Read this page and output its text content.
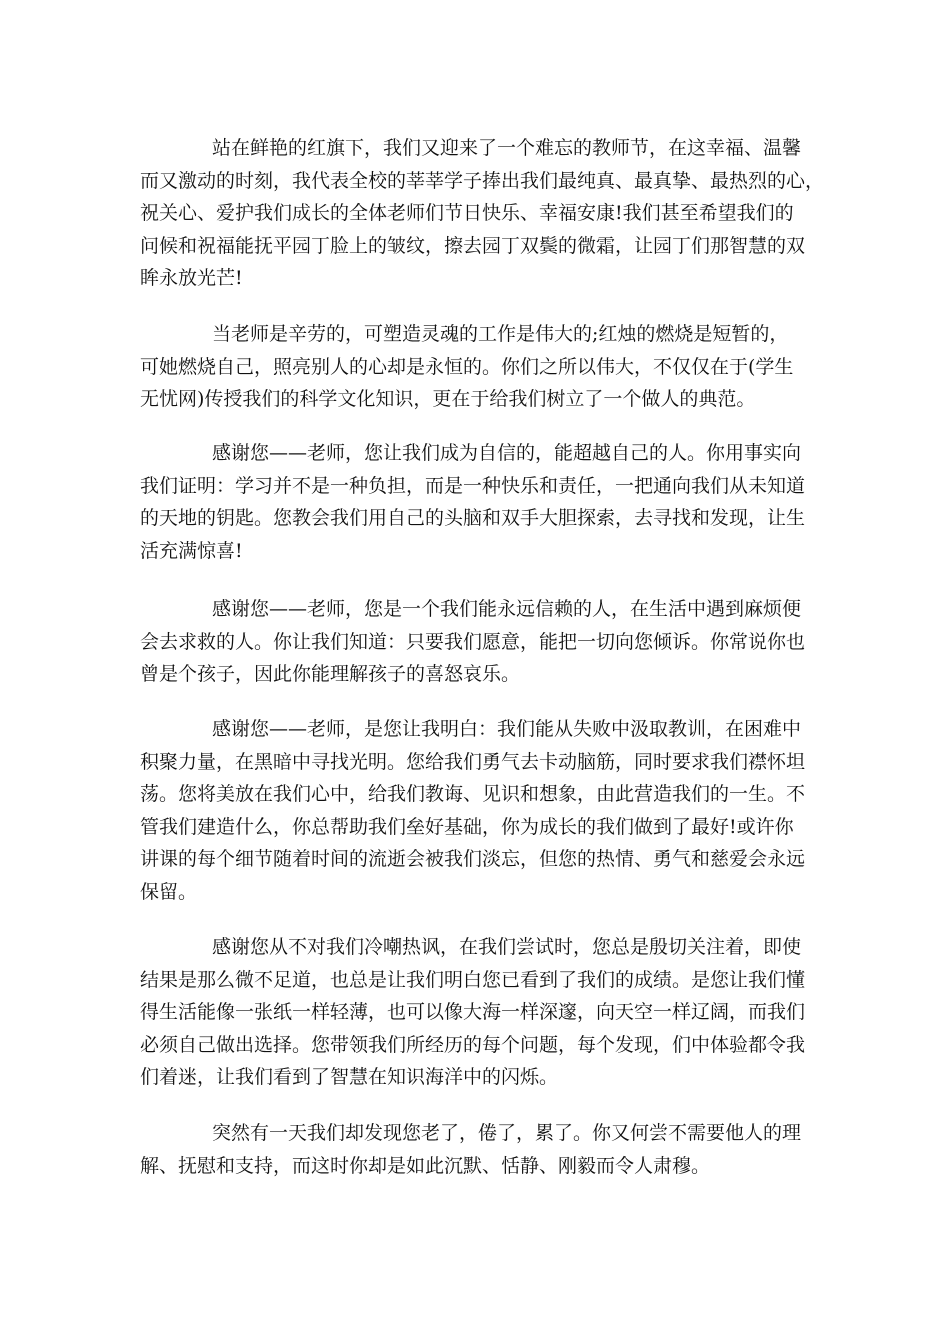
站在鲜艳的红旗下，我们又迎来了一个难忘的教师节，在这幸福、温馨
而又激动的时刻，我代表全校的莘莘学子捧出我们最纯真、最真挚、最热烈的心，
祝关心、爱护我们成长的全体老师们节日快乐、幸福安康!我们甚至希望我们的
问候和祝福能抚平园丁脸上的皱纹，擦去园丁双鬓的微霜，让园丁们那智慧的双
眸永放光芒!
当老师是辛劳的，可塑造灵魂的工作是伟大的;红烛的燃烧是短暂的，
可她燃烧自己，照亮别人的心却是永恒的。你们之所以伟大，不仅仅在于(学生
无忧网)传授我们的科学文化知识，更在于给我们树立了一个做人的典范。
感谢您——老师，您让我们成为自信的，能超越自己的人。你用事实向
我们证明：学习并不是一种负担，而是一种快乐和责任，一把通向我们从未知道
的天地的钥匙。您教会我们用自己的头脑和双手大胆探索，去寻找和发现，让生
活充满惊喜!
感谢您——老师，您是一个我们能永远信赖的人，在生活中遇到麻烦便
会去求救的人。你让我们知道：只要我们愿意，能把一切向您倾诉。你常说你也
曾是个孩子，因此你能理解孩子的喜怒哀乐。
感谢您——老师，是您让我明白：我们能从失败中汲取教训，在困难中
积聚力量，在黑暗中寻找光明。您给我们勇气去卡动脑筋，同时要求我们襟怀坦
荡。您将美放在我们心中，给我们教诲、见识和想象，由此营造我们的一生。不
管我们建造什么，你总帮助我们垒好基础，你为成长的我们做到了最好!或许你
讲课的每个细节随着时间的流逝会被我们淡忘，但您的热情、勇气和慈爱会永远
保留。
感谢您从不对我们冷嘲热讽，在我们尝试时，您总是殷切关注着，即使
结果是那么微不足道，也总是让我们明白您已看到了我们的成绩。是您让我们懂
得生活能像一张纸一样轻薄，也可以像大海一样深邃，向天空一样辽阔，而我们
必须自己做出选择。您带领我们所经历的每个问题，每个发现，们中体验都令我
们着迷，让我们看到了智慧在知识海洋中的闪烁。
突然有一天我们却发现您老了，倦了，累了。你又何尝不需要他人的理
解、抚慰和支持，而这时你却是如此沉默、恬静、刚毅而令人肃穆。
